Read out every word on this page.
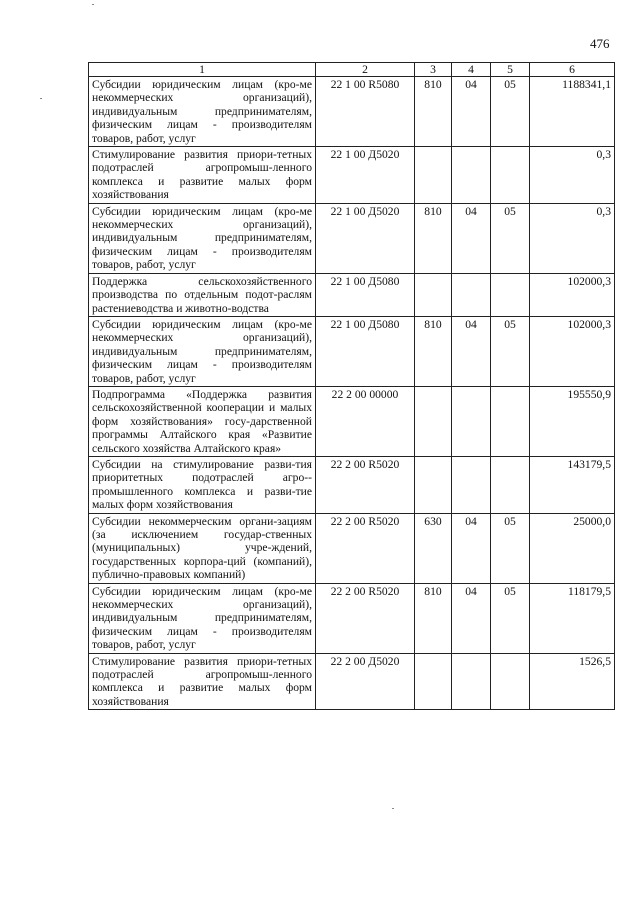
476
1	2	3	4	5	6
Субсидии юридическим лицам (кро-ме некоммерческих организаций), индивидуальным предпринимателям, физическим лицам - производителям товаров, работ, услуг	22 1 00 R5080	810	04	05	1188341,1
Стимулирование развития приори-тетных подотраслей агропромыш-ленного комплекса и развитие малых форм хозяйствования	22 1 00 Д5020				0,3
Субсидии юридическим лицам (кро-ме некоммерческих организаций), индивидуальным предпринимателям, физическим лицам - производителям товаров, работ, услуг	22 1 00 Д5020	810	04	05	0,3
Поддержка сельскохозяйственного производства по отдельным подот-раслям растениеводства и животно-водства	22 1 00 Д5080				102000,3
Субсидии юридическим лицам (кро-ме некоммерческих организаций), индивидуальным предпринимателям, физическим лицам - производителям товаров, работ, услуг	22 1 00 Д5080	810	04	05	102000,3
Подпрограмма «Поддержка развития сельскохозяйственной кооперации и малых форм хозяйствования» госу-дарственной программы Алтайского края «Развитие сельского хозяйства Алтайского края»	22 2 00 00000				195550,9
Субсидии на стимулирование разви-тия приоритетных подотраслей агро-промышленного комплекса и разви-тие малых форм хозяйствования	22 2 00 R5020				143179,5
Субсидии некоммерческим органи-зациям (за исключением государ-ственных (муниципальных) учре-ждений, государственных корпора-ций (компаний), публично-правовых компаний)	22 2 00 R5020	630	04	05	25000,0
Субсидии юридическим лицам (кро-ме некоммерческих организаций), индивидуальным предпринимателям, физическим лицам - производителям товаров, работ, услуг	22 2 00 R5020	810	04	05	118179,5
Стимулирование развития приори-тетных подотраслей агропромыш-ленного комплекса и развитие малых форм хозяйствования	22 2 00 Д5020				1526,5
